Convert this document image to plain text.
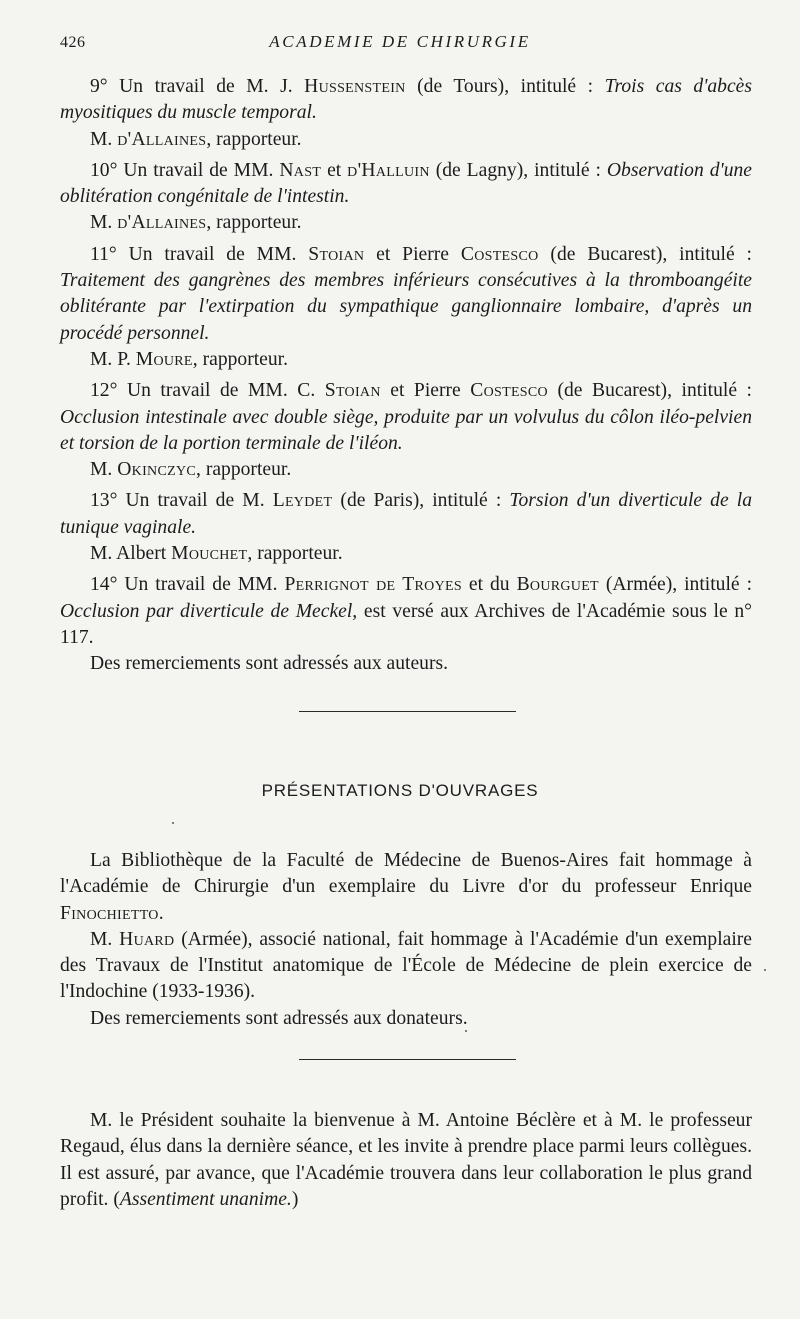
426	ACADEMIE DE CHIRURGIE

9° Un travail de M. J. Hussenstein (de Tours), intitulé : Trois cas d'abcès myositiques du muscle temporal.

M. d'Allaines, rapporteur.

10° Un travail de MM. Nast et d'Halluin (de Lagny), intitulé : Observation d'une oblitération congénitale de l'intestin.

M. d'Allaines, rapporteur.

11° Un travail de MM. Stoian et Pierre Costesco (de Bucarest), intitulé : Traitement des gangrènes des membres inférieurs consécutives à la thromboangéite oblitérante par l'extirpation du sympathique ganglionnaire lombaire, d'après un procédé personnel.

M. P. Moure, rapporteur.

12° Un travail de MM. C. Stoian et Pierre Costesco (de Bucarest), intitulé : Occlusion intestinale avec double siège, produite par un volvulus du côlon iléo-pelvien et torsion de la portion terminale de l'iléon.

M. Okinczyc, rapporteur.

13° Un travail de M. Leydet (de Paris), intitulé : Torsion d'un diverticule de la tunique vaginale.

M. Albert Mouchet, rapporteur.

14° Un travail de MM. Perrignot de Troyes et du Bourguet (Armée), intitulé : Occlusion par diverticule de Meckel, est versé aux Archives de l'Académie sous le n° 117.

Des remerciements sont adressés aux auteurs.

PRÉSENTATIONS D'OUVRAGES

La Bibliothèque de la Faculté de Médecine de Buenos-Aires fait hommage à l'Académie de Chirurgie d'un exemplaire du Livre d'or du professeur Enrique Finochietto.

M. Huard (Armée), associé national, fait hommage à l'Académie d'un exemplaire des Travaux de l'Institut anatomique de l'École de Médecine de plein exercice de l'Indochine (1933-1936).

Des remerciements sont adressés aux donateurs.

M. le Président souhaite la bienvenue à M. Antoine Béclère et à M. le professeur Regaud, élus dans la dernière séance, et les invite à prendre place parmi leurs collègues. Il est assuré, par avance, que l'Académie trouvera dans leur collaboration le plus grand profit. (Assentiment unanime.)
